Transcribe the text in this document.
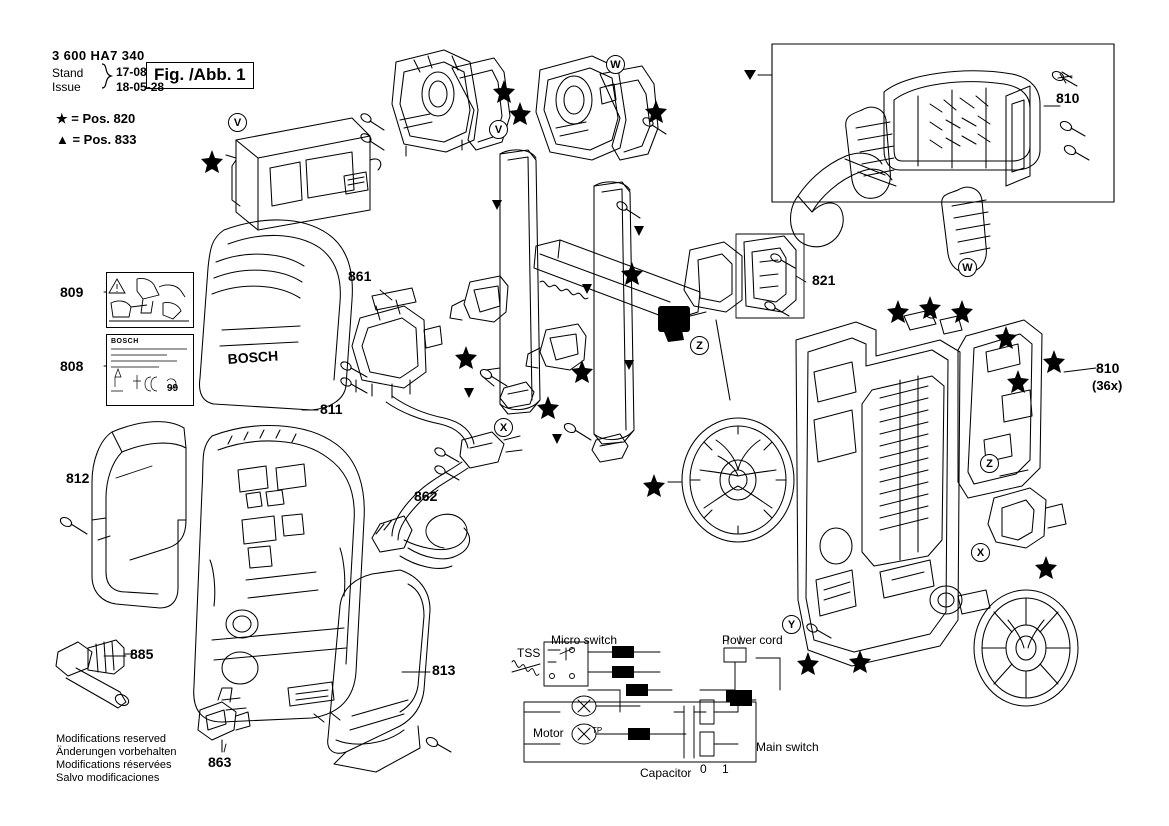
3 600 HA7 340
Stand
Issue
17-08
18-05-28
Fig. /Abb. 1
★ = Pos. 820
▲ = Pos. 833
BOSCH
809
BOSCH
99
808
811
812
813
885
863
861
862
821
810
810
(36x)
V
V
W
W
X
X
Y
Z
Z
TSS
Micro switch	Power cord
Motor
Capacitor
Main switch
0 1
TP
Modifications reserved
Änderungen vorbehalten
Modifications réservées
Salvo modificaciones
